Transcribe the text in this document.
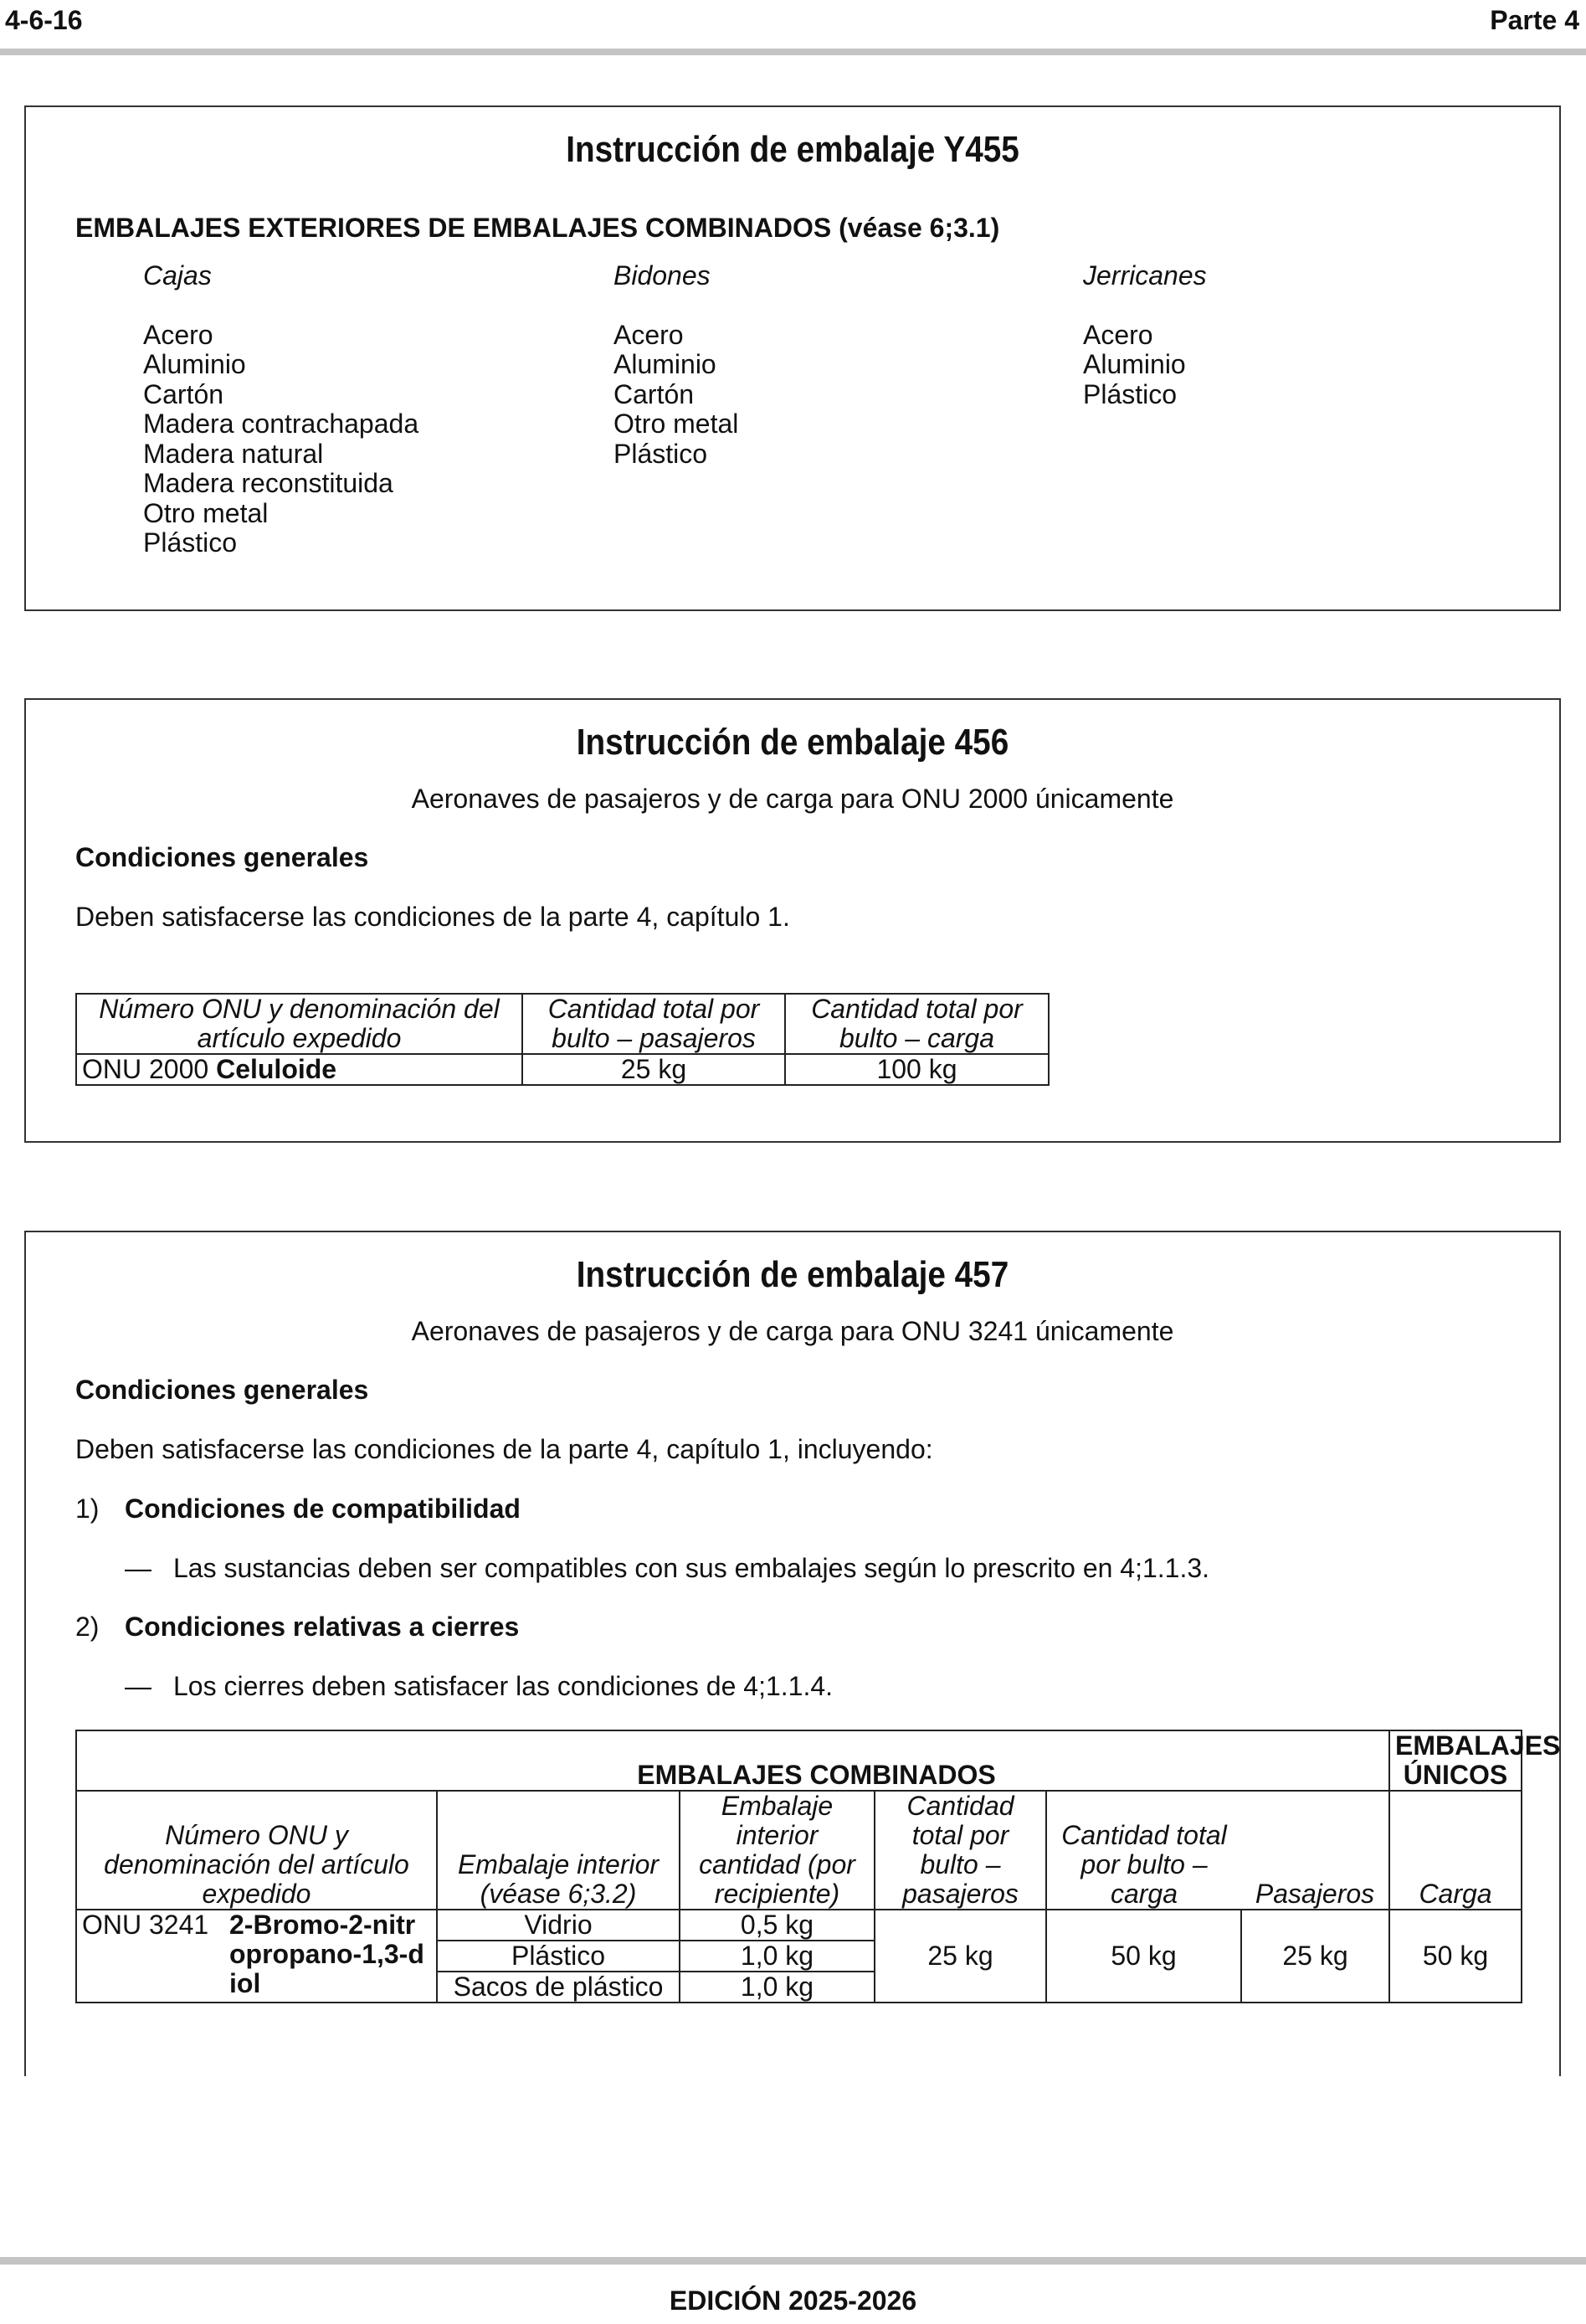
4-6-16	Parte 4
Instrucción de embalaje Y455
EMBALAJES EXTERIORES DE EMBALAJES COMBINADOS (véase 6;3.1)
Cajas
Acero
Aluminio
Cartón
Madera contrachapada
Madera natural
Madera reconstituida
Otro metal
Plástico
Bidones
Acero
Aluminio
Cartón
Otro metal
Plástico
Jerricanes
Acero
Aluminio
Plástico
Instrucción de embalaje 456
Aeronaves de pasajeros y de carga para ONU 2000 únicamente
Condiciones generales
Deben satisfacerse las condiciones de la parte 4, capítulo 1.
Número ONU y denominación del artículo expedido	Cantidad total por bulto – pasajeros	Cantidad total por bulto – carga
ONU 2000 Celuloide	25 kg	100 kg
Instrucción de embalaje 457
Aeronaves de pasajeros y de carga para ONU 3241 únicamente
Condiciones generales
Deben satisfacerse las condiciones de la parte 4, capítulo 1, incluyendo:
1) Condiciones de compatibilidad
— Las sustancias deben ser compatibles con sus embalajes según lo prescrito en 4;1.1.3.
2) Condiciones relativas a cierres
— Los cierres deben satisfacer las condiciones de 4;1.1.4.
	EMBALAJES COMBINADOS					EMBALAJES ÚNICOS
Número ONU y denominación del artículo expedido	Embalaje interior (véase 6;3.2)	Embalaje interior cantidad (por recipiente)	Cantidad total por bulto – pasajeros	Cantidad total por bulto – carga	Pasajeros	Carga

ONU 3241 2-Bromo-2-nitropropano-1,3-diol	Vidrio	0,5 kg	25 kg	50 kg	25 kg	50 kg
	Plástico	1,0 kg				
	Sacos de plástico	1,0 kg				
EDICIÓN 2025-2026
